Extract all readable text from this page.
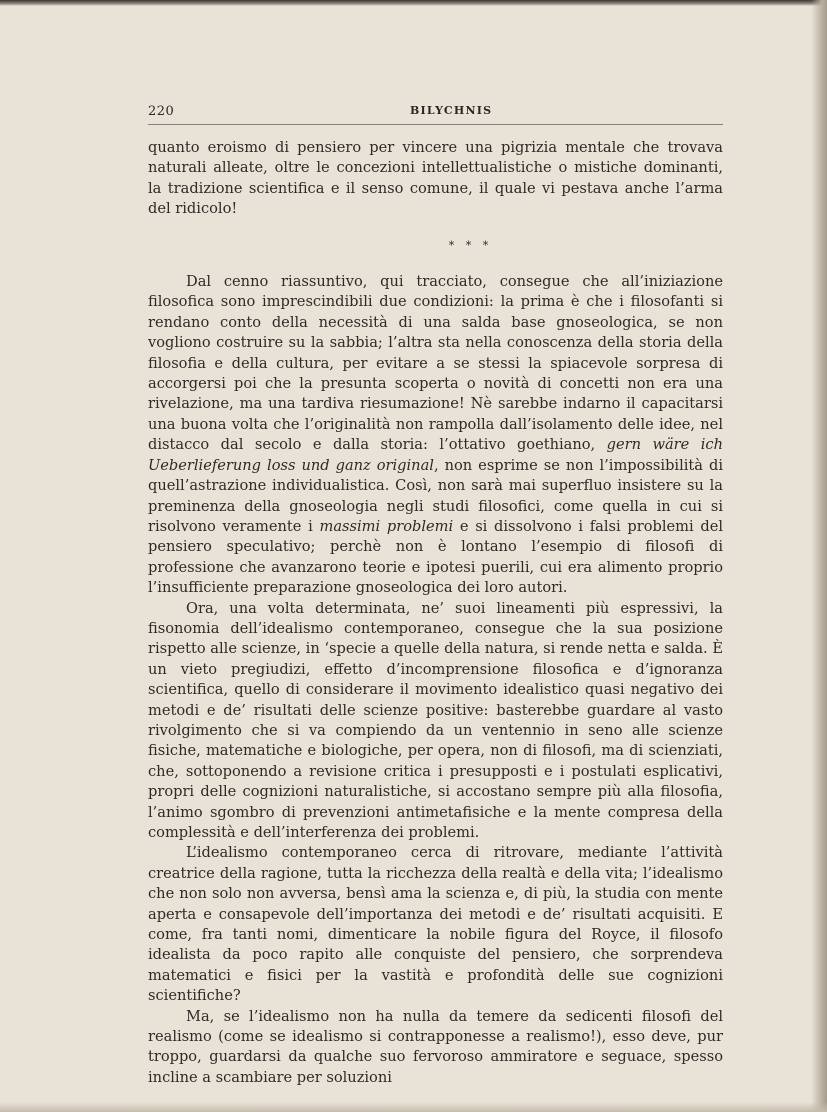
220	BILYCHNIS

quanto eroismo di pensiero per vincere una pigrizia mentale che trovava naturali alleate, oltre le concezioni intellettualistiche o mistiche dominanti, la tradizione scientifica e il senso comune, il quale vi pestava anche l’arma del ridicolo!

* * *

Dal cenno riassuntivo, qui tracciato, consegue che all’iniziazione filosofica sono imprescindibili due condizioni: la prima è che i filosofanti si rendano conto della necessità di una salda base gnoseologica, se non vogliono costruire su la sabbia; l’altra sta nella conoscenza della storia della filosofia e della cultura, per evitare a se stessi la spiacevole sorpresa di accorgersi poi che la presunta scoperta o novità di concetti non era una rivelazione, ma una tardiva riesumazione! Nè sarebbe indarno il capacitarsi una buona volta che l’originalità non rampolla dall’isolamento delle idee, nel distacco dal secolo e dalla storia: l’ottativo goethiano, gern wäre ich Ueberlieferung loss und ganz original, non esprime se non l’impossibilità di quell’astrazione individualistica. Così, non sarà mai superfluo insistere su la preminenza della gnoseologia negli studi filosofici, come quella in cui si risolvono veramente i massimi problemi e si dissolvono i falsi problemi del pensiero speculativo; perchè non è lontano l’esempio di filosofi di professione che avanzarono teorie e ipotesi puerili, cui era alimento proprio l’insufficiente preparazione gnoseologica dei loro autori.

Ora, una volta determinata, ne’ suoi lineamenti più espressivi, la fisonomia dell’idealismo contemporaneo, consegue che la sua posizione rispetto alle scienze, in ‘specie a quelle della natura, si rende netta e salda. È un vieto pregiudizi, effetto d’incomprensione filosofica e d’ignoranza scientifica, quello di considerare il movimento idealistico quasi negativo dei metodi e de’ risultati delle scienze positive: basterebbe guardare al vasto rivolgimento che si va compiendo da un ventennio in seno alle scienze fisiche, matematiche e biologiche, per opera, non di filosofi, ma di scienziati, che, sottoponendo a revisione critica i presupposti e i postulati esplicativi, propri delle cognizioni naturalistiche, si accostano sempre più alla filosofia, l’animo sgombro di prevenzioni antimetafisiche e la mente compresa della complessità e dell’interferenza dei problemi.

L’idealismo contemporaneo cerca di ritrovare, mediante l’attività creatrice della ragione, tutta la ricchezza della realtà e della vita; l’idealismo che non solo non avversa, bensì ama la scienza e, di più, la studia con mente aperta e consapevole dell’importanza dei metodi e de’ risultati acquisiti. E come, fra tanti nomi, dimenticare la nobile figura del Royce, il filosofo idealista da poco rapito alle conquiste del pensiero, che sorprendeva matematici e fisici per la vastità e profondità delle sue cognizioni scientifiche?

Ma, se l’idealismo non ha nulla da temere da sedicenti filosofi del realismo (come se idealismo si contrapponesse a realismo!), esso deve, pur troppo, guardarsi da qualche suo fervoroso ammiratore e seguace, spesso incline a scambiare per soluzioni
